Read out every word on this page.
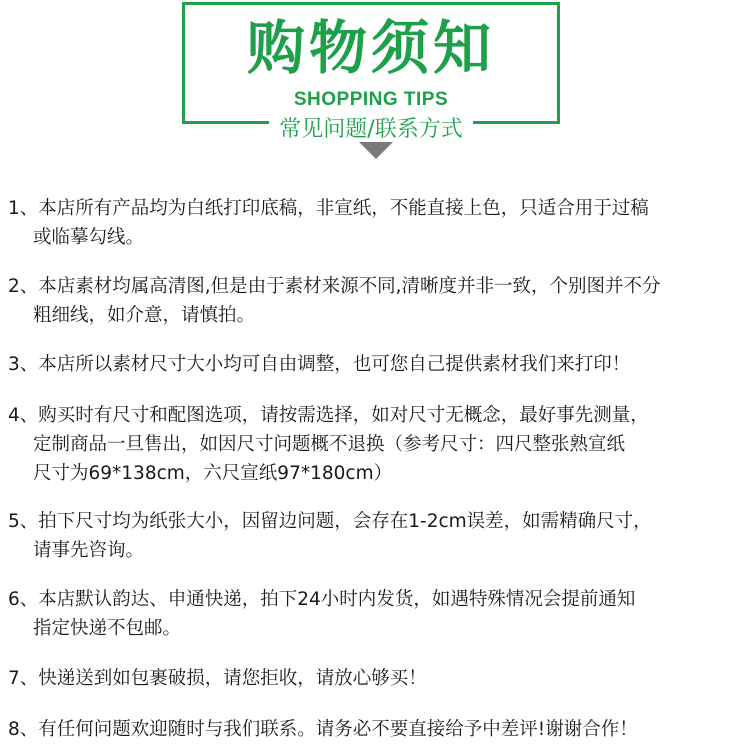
购物须知
SHOPPING TIPS
常见问题/联系方式
1、本店所有产品均为白纸打印底稿，非宣纸，不能直接上色，只适合用于过稿
或临摹勾线。
2、本店素材均属高清图,但是由于素材来源不同,清晰度并非一致，个别图并不分
粗细线，如介意，请慎拍。
3、本店所以素材尺寸大小均可自由调整，也可您自己提供素材我们来打印！
4、购买时有尺寸和配图选项，请按需选择，如对尺寸无概念，最好事先测量，
定制商品一旦售出，如因尺寸问题概不退换（参考尺寸：四尺整张熟宣纸
尺寸为69*138cm，六尺宣纸97*180cm）
5、拍下尺寸均为纸张大小，因留边问题，会存在1-2cm误差，如需精确尺寸，
请事先咨询。
6、本店默认韵达、申通快递，拍下24小时内发货，如遇特殊情况会提前通知
指定快递不包邮。
7、快递送到如包裹破损，请您拒收，请放心够买！
8、有任何问题欢迎随时与我们联系。请务必不要直接给予中差评!谢谢合作！
